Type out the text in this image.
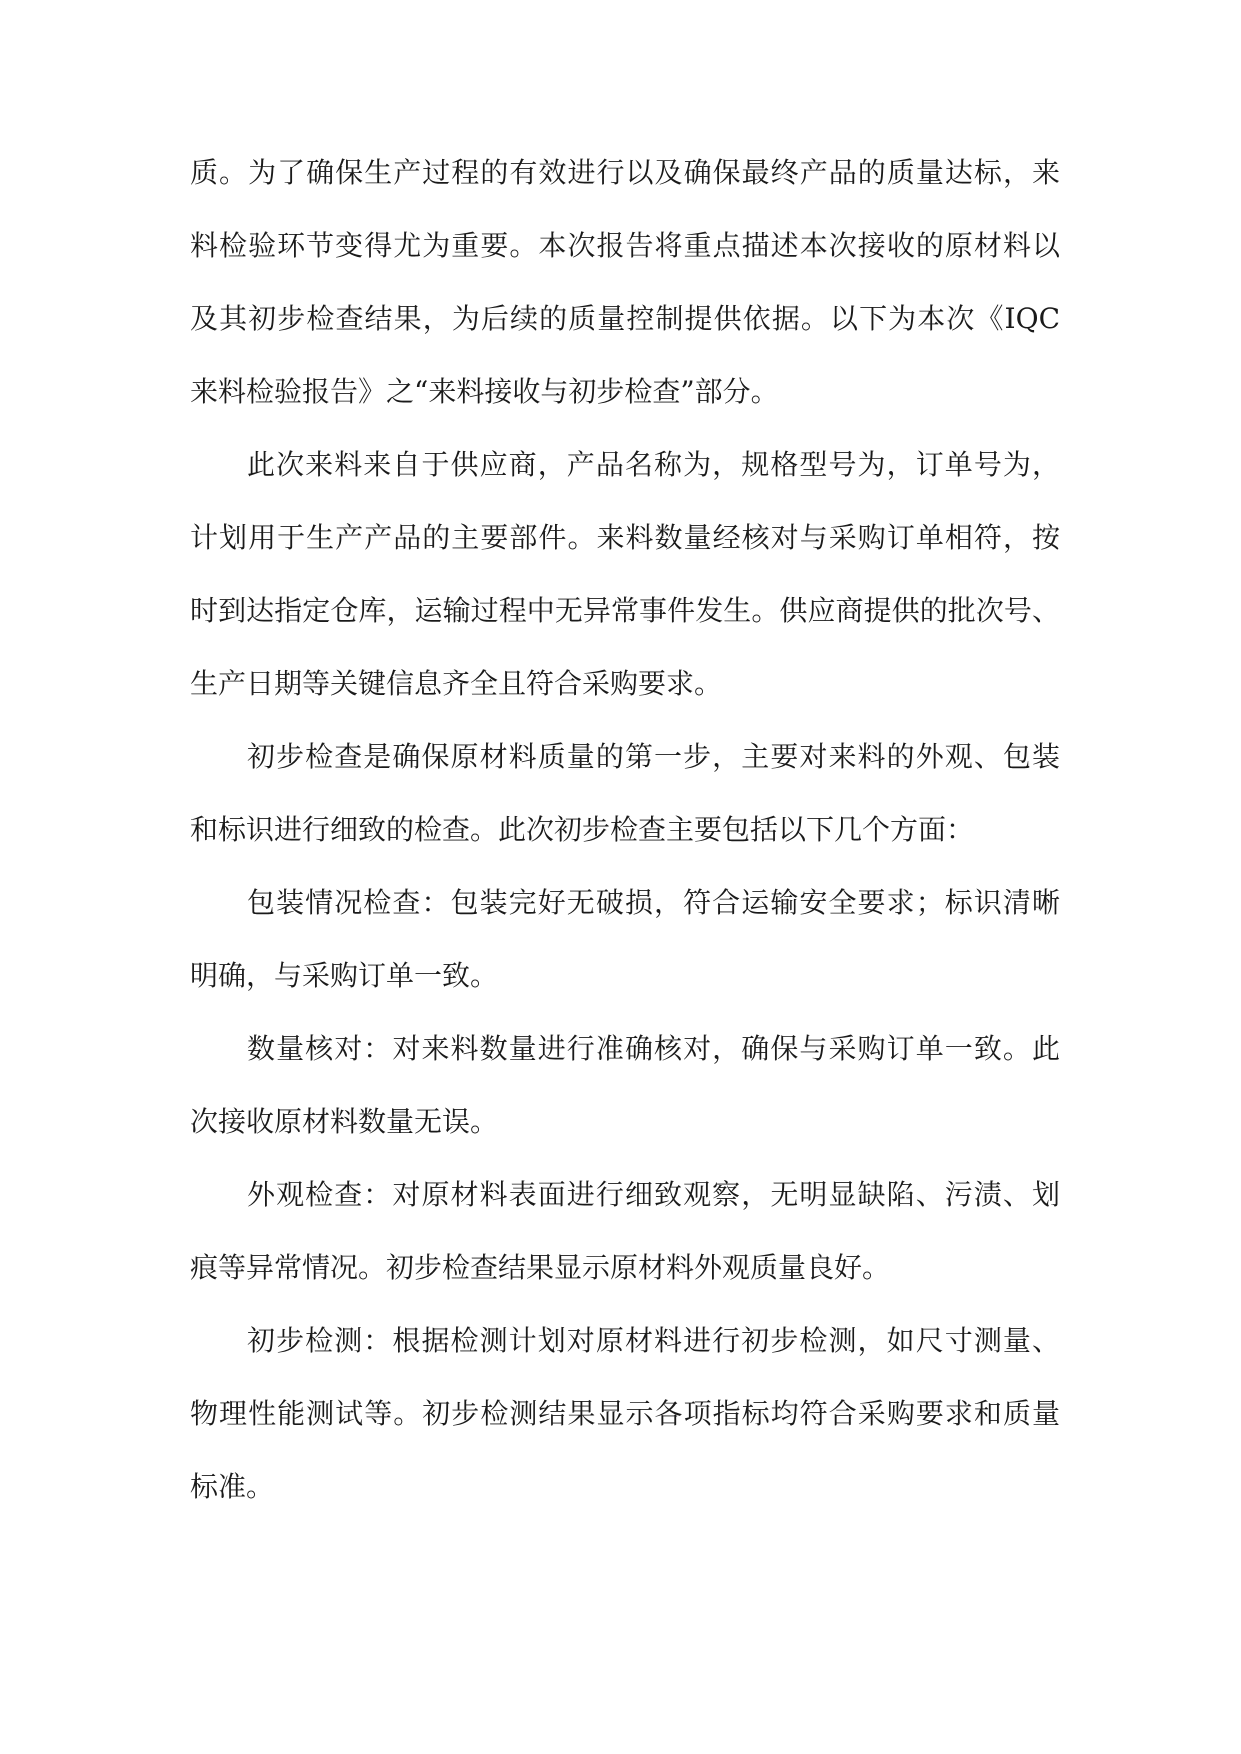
质。为了确保生产过程的有效进行以及确保最终产品的质量达标，来
料检验环节变得尤为重要。本次报告将重点描述本次接收的原材料以
及其初步检查结果，为后续的质量控制提供依据。以下为本次《IQC
来料检验报告》之“来料接收与初步检查”部分。
此次来料来自于供应商，产品名称为，规格型号为，订单号为，
计划用于生产产品的主要部件。来料数量经核对与采购订单相符，按
时到达指定仓库，运输过程中无异常事件发生。供应商提供的批次号、
生产日期等关键信息齐全且符合采购要求。
初步检查是确保原材料质量的第一步，主要对来料的外观、包装
和标识进行细致的检查。此次初步检查主要包括以下几个方面：
包装情况检查：包装完好无破损，符合运输安全要求；标识清晰
明确，与采购订单一致。
数量核对：对来料数量进行准确核对，确保与采购订单一致。此
次接收原材料数量无误。
外观检查：对原材料表面进行细致观察，无明显缺陷、污渍、划
痕等异常情况。初步检查结果显示原材料外观质量良好。
初步检测：根据检测计划对原材料进行初步检测，如尺寸测量、
物理性能测试等。初步检测结果显示各项指标均符合采购要求和质量
标准。
